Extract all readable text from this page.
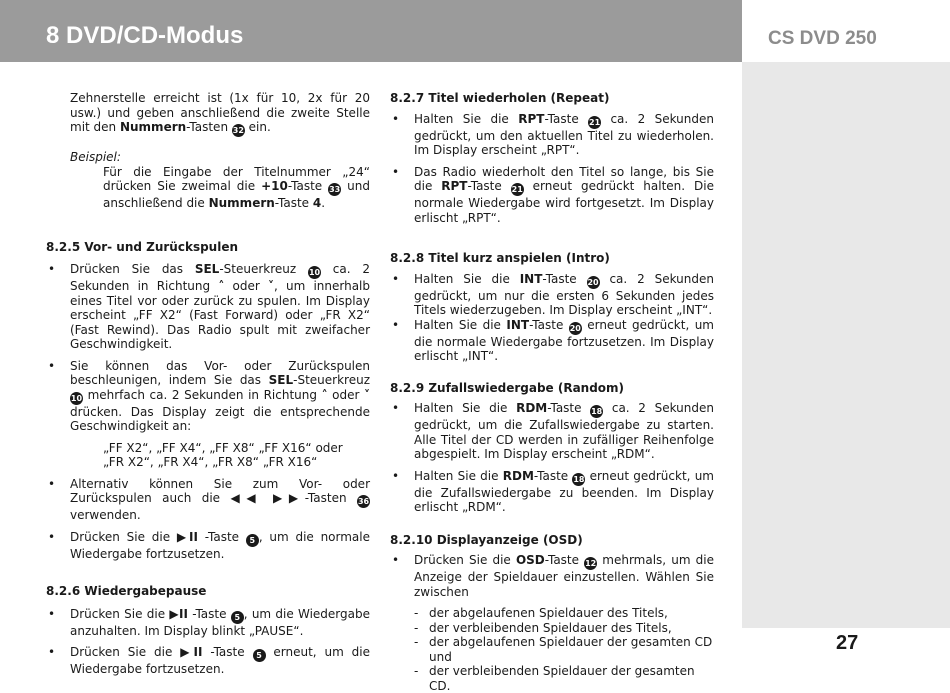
8 DVD/CD-Modus	CS DVD 250
27

Zehnerstelle erreicht ist (1x für 10, 2x für 20 usw.) und geben anschließend die zweite Stelle mit den Nummern-Tasten 32 ein.

Beispiel:

Für die Eingabe der Titelnummer „24“ drücken Sie zweimal die +10-Taste 33 und anschließend die Nummern-Taste 4.

8.2.5 Vor- und Zurückspulen

• Drücken Sie das SEL-Steuerkreuz 10 ca. 2 Sekunden in Richtung ˄ oder ˅, um innerhalb eines Titel vor oder zurück zu spulen. Im Display erscheint „FF X2“ (Fast Forward) oder „FR X2“ (Fast Rewind). Das Radio spult mit zweifacher Geschwindigkeit.
• Sie können das Vor- oder Zurückspulen beschleunigen, indem Sie das SEL-Steuerkreuz 10 mehrfach ca. 2 Sekunden in Richtung ˄ oder ˅ drücken. Das Display zeigt die entsprechende Geschwindigkeit an:

„FF X2“, „FF X4“, „FF X8“ „FF X16“ oder

„FR X2“, „FR X4“, „FR X8“ „FR X16“

• Alternativ können Sie zum Vor- oder Zurückspulen auch die ◀◀ ▶▶-Tasten 36 verwenden.
• Drücken Sie die ▶II -Taste 5 , um die normale Wiedergabe fortzusetzen.

8.2.6 Wiedergabepause

• Drücken Sie die ▶II -Taste 5 , um die Wiedergabe anzuhalten. Im Display blinkt „PAUSE“.
• Drücken Sie die ▶II -Taste 5 erneut, um die Wiedergabe fortzusetzen.

8.2.7 Titel wiederholen (Repeat)

• Halten Sie die RPT-Taste 21 ca. 2 Sekunden gedrückt, um den aktuellen Titel zu wiederholen. Im Display erscheint „RPT“.
• Das Radio wiederholt den Titel so lange, bis Sie die RPT-Taste 21 erneut gedrückt halten. Die normale Wiedergabe wird fortgesetzt. Im Display erlischt „RPT“.

8.2.8 Titel kurz anspielen (Intro)

• Halten Sie die INT-Taste 20 ca. 2 Sekunden gedrückt, um nur die ersten 6 Sekunden jedes Titels wiederzugeben. Im Display erscheint „INT“.
• Halten Sie die INT-Taste 20 erneut gedrückt, um die normale Wiedergabe fortzusetzen. Im Display erlischt „INT“.

8.2.9 Zufallswiedergabe (Random)

• Halten Sie die RDM-Taste 18 ca. 2 Sekunden gedrückt, um die Zufallswiedergabe zu starten. Alle Titel der CD werden in zufälliger Reihenfolge abgespielt. Im Display erscheint „RDM“.
• Halten Sie die RDM-Taste 18 erneut gedrückt, um die Zufallswiedergabe zu beenden. Im Display erlischt „RDM“.

8.2.10 Displayanzeige (OSD)

• Drücken Sie die OSD-Taste 12 mehrmals, um die Anzeige der Spieldauer einzustellen. Wählen Sie zwischen
- der abgelaufenen Spieldauer des Titels,
- der verbleibenden Spieldauer des Titels,
- der abgelaufenen Spieldauer der gesamten CD und
- der verbleibenden Spieldauer der gesamten CD.
